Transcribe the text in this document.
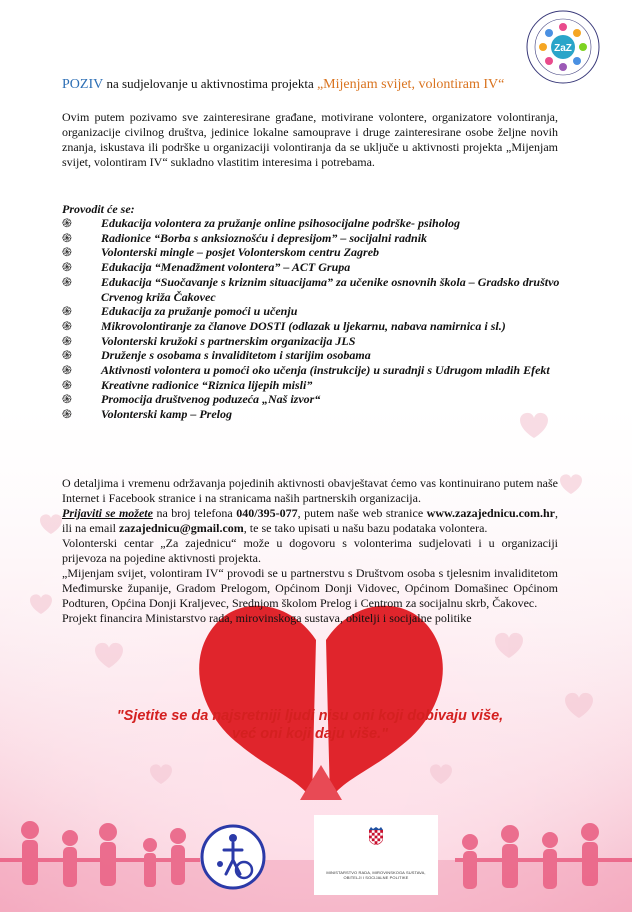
ZaZ
POZIV na sudjelovanje u aktivnostima projekta „Mijenjam svijet, volontiram IV“
Ovim putem pozivamo sve zainteresirane građane, motivirane volontere, organizatore volontiranja, organizacije civilnog društva, jedinice lokalne samouprave i druge zainteresirane osobe željne novih znanja, iskustava ili podrške u organizaciji volontiranja da se uključe u aktivnosti projekta „Mijenjam svijet, volontiram IV“ sukladno vlastitim interesima i potrebama.
Provodit će se:
֍ Edukacija volontera za pružanje online psihosocijalne podrške- psiholog
֍ Radionice “Borba s anksioznošću i depresijom” – socijalni radnik
֍ Volonterski mingle – posjet Volonterskom centru Zagreb
֍ Edukacija “Menadžment volontera” – ACT Grupa
֍ Edukacija “Suočavanje s kriznim situacijama” za učenike osnovnih škola – Gradsko društvo Crvenog križa Čakovec
֍ Edukacija za pružanje pomoći u učenju
֍ Mikrovolontiranje za članove DOSTI (odlazak u ljekarnu, nabava namirnica i sl.)
֍ Volonterski kružoki s partnerskim organizacija JLS
֍ Druženje s osobama s invaliditetom i starijim osobama
֍ Aktivnosti volontera u pomoći oko učenja (instrukcije) u suradnji s Udrugom mladih Efekt
֍ Kreativne radionice “Riznica lijepih misli”
֍ Promocija društvenog poduzeća „Naš izvor“
֍ Volonterski kamp – Prelog

O detaljima i vremenu održavanja pojedinih aktivnosti obavještavat ćemo vas kontinuirano putem naše Internet i Facebook stranice i na stranicama naših partnerskih organizacija.

Prijaviti se možete na broj telefona 040/395-077, putem naše web stranice www.zazajednicu.com.hr, ili na email zazajednicu@gmail.com, te se tako upisati u našu bazu podataka volontera.

Volonterski centar „Za zajednicu“ može u dogovoru s volonterima sudjelovati i u organizaciji prijevoza na pojedine aktivnosti projekta.

„Mijenjam svijet, volontiram IV“ provodi se u partnerstvu s Društvom osoba s tjelesnim invaliditetom Međimurske županije, Gradom Prelogom, Općinom Donji Vidovec, Općinom Domašinec Općinom Podturen, Općina Donji Kraljevec, Srednjom školom Prelog i Centrom za socijalnu skrb, Čakovec.

Projekt financira Ministarstvo rada, mirovinskoga sustava, obitelji i socijalne politike

"Sjetite se da najsretniji ljudi nisu oni koji dobivaju više,
već oni koji daju više."
MINISTARSTVO RADA, MIROVINSKOGA SUSTAVA, OBITELJI I SOCIJALNE POLITIKE
